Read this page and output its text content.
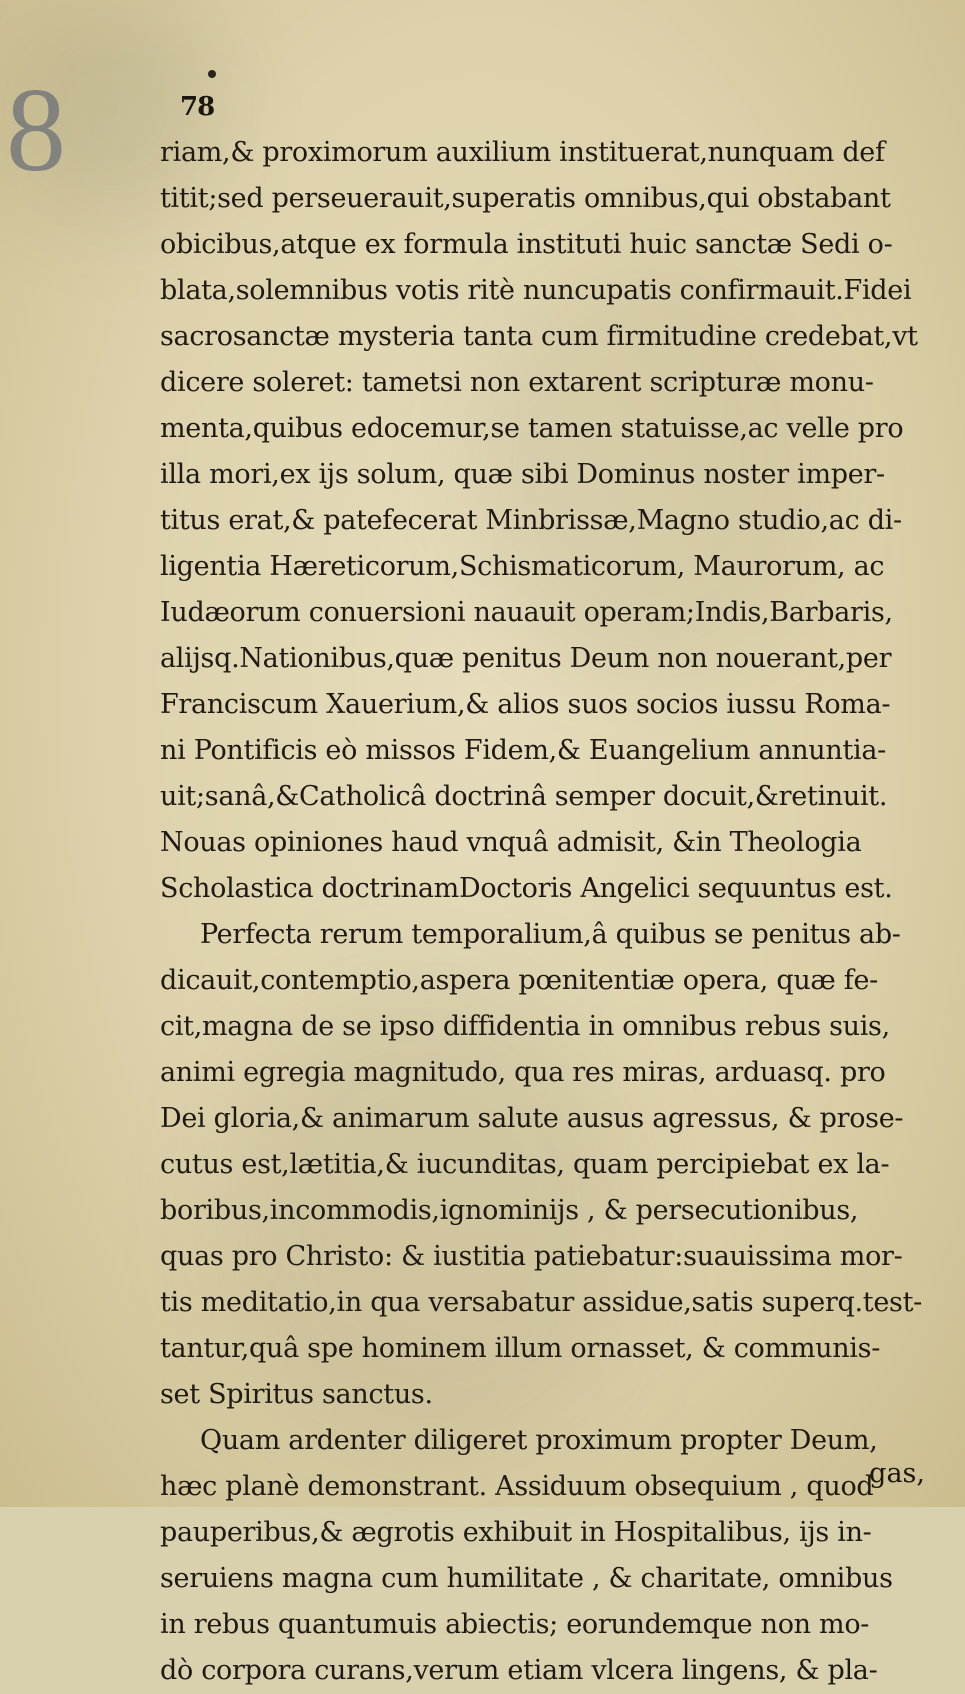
8	78
riam,& proximorum auxilium instituerat,nunquam def
titit;sed perseuerauit,superatis omnibus,qui obstabant
obicibus,atque ex formula instituti huic sanctæ Sedi o-
blata,solemnibus votis ritè nuncupatis confirmauit.Fidei
sacrosanctæ mysteria tanta cum firmitudine credebat,vt
dicere soleret: tametsi non extarent scripturæ monu-
menta,quibus edocemur,se tamen statuisse,ac velle pro
illa mori,ex ijs solum, quæ sibi Dominus noster imper-
titus erat,& patefecerat Minbrissæ,Magno studio,ac di-
ligentia Hæreticorum,Schismaticorum, Maurorum, ac
Iudæorum conuersioni nauauit operam;Indis,Barbaris,
alijsq.Nationibus,quæ penitus Deum non nouerant,per
Franciscum Xauerium,& alios suos socios iussu Roma-
ni Pontificis eò missos Fidem,& Euangelium annuntia-
uit;sanâ,&Catholicâ doctrinâ semper docuit,&retinuit.
Nouas opiniones haud vnquâ admisit, &in Theologia
Scholastica doctrinamDoctoris Angelici sequuntus est.
Perfecta rerum temporalium,â quibus se penitus ab-
dicauit,contemptio,aspera pœnitentiæ opera, quæ fe-
cit,magna de se ipso diffidentia in omnibus rebus suis,
animi egregia magnitudo, qua res miras, arduasq. pro
Dei gloria,& animarum salute ausus agressus, & prose-
cutus est,lætitia,& iucunditas, quam percipiebat ex la-
boribus,incommodis,ignominijs , & persecutionibus,
quas pro Christo: & iustitia patiebatur:suauissima mor-
tis meditatio,in qua versabatur assidue,satis superq.test-
tantur,quâ spe hominem illum ornasset, & communis-
set Spiritus sanctus.
Quam ardenter diligeret proximum propter Deum,
hæc planè demonstrant. Assiduum obsequium , quod
pauperibus,& ægrotis exhibuit in Hospitalibus, ijs in-
seruiens magna cum humilitate , & charitate, omnibus
in rebus quantumuis abiectis; eorundemque non mo-
dò corpora curans,verum etiam vlcera lingens, & pla-
gas,
